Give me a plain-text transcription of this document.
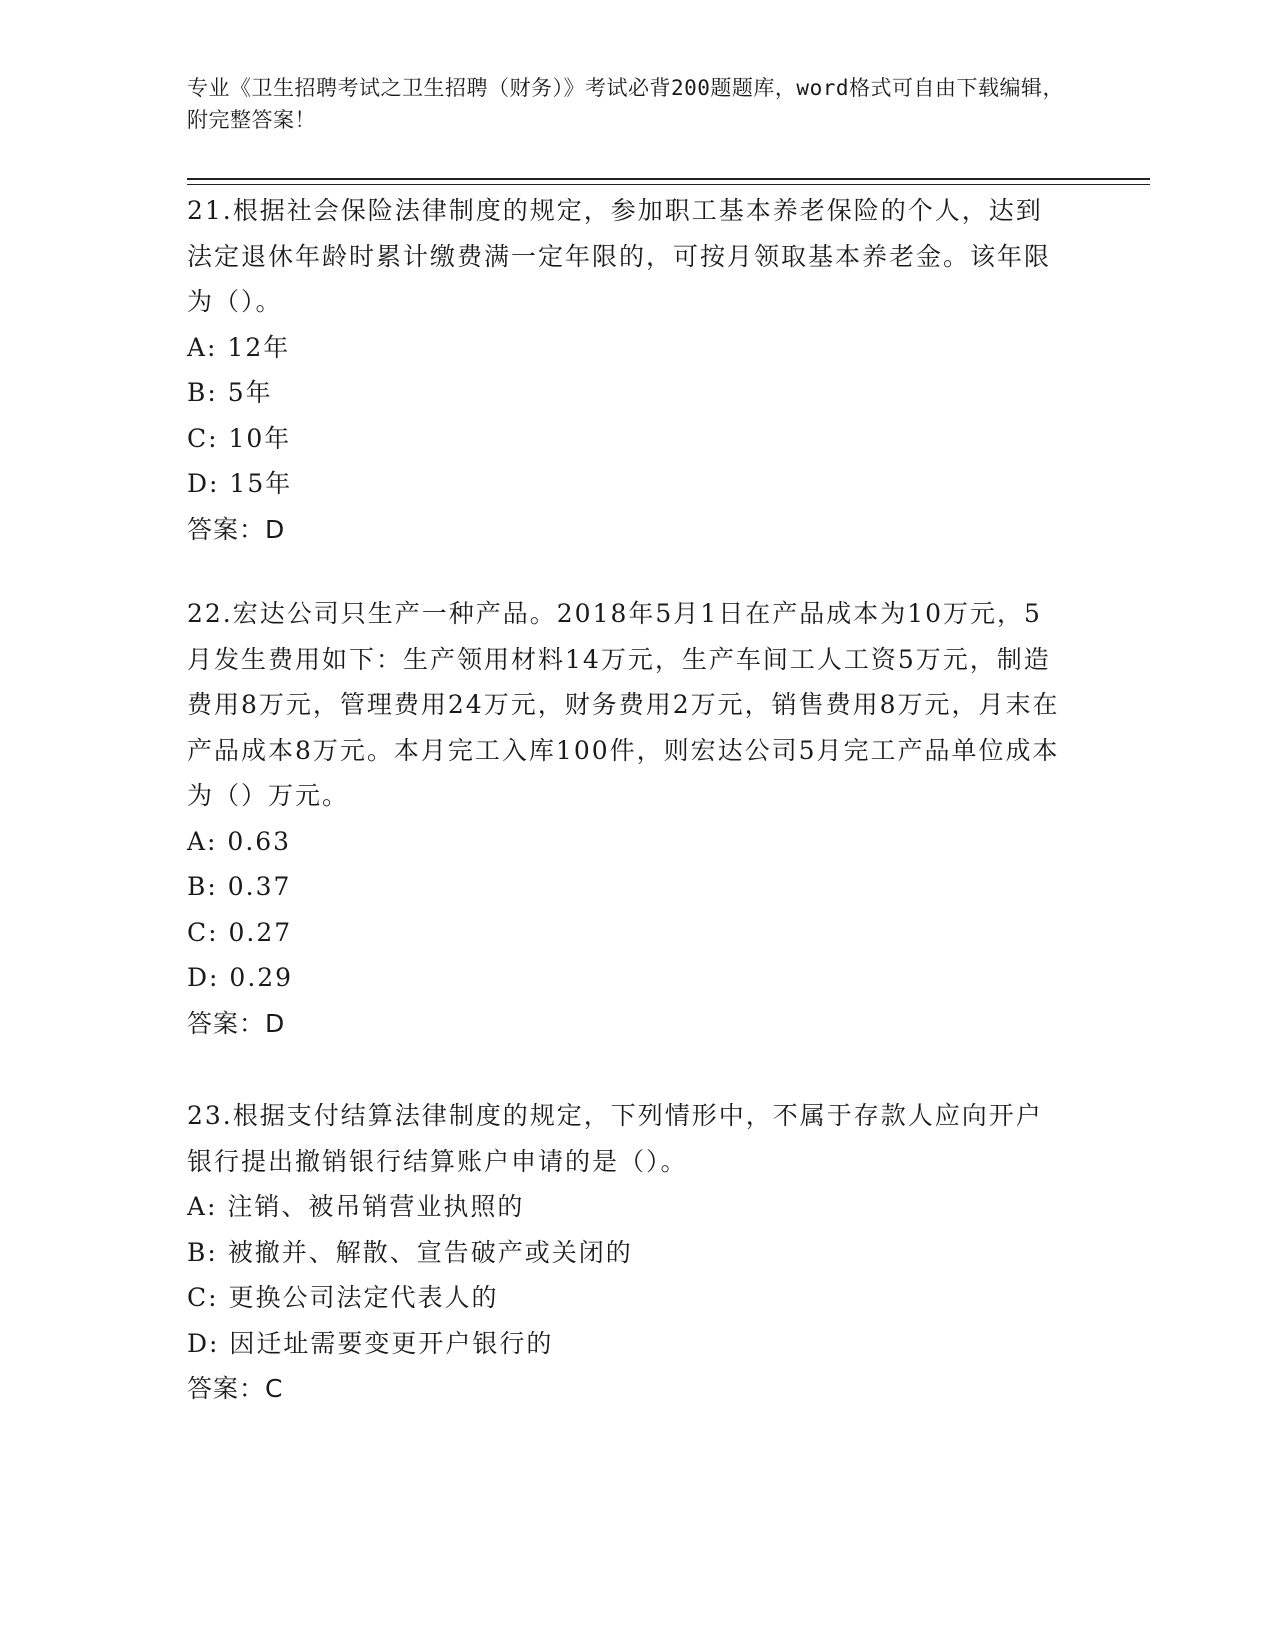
专业《卫生招聘考试之卫生招聘（财务）》考试必背200题题库，word格式可自由下载编辑，附完整答案！
21.根据社会保险法律制度的规定，参加职工基本养老保险的个人，达到法定退休年龄时累计缴费满一定年限的，可按月领取基本养老金。该年限为（）。
A: 12年
B: 5年
C: 10年
D: 15年
答案：D
22.宏达公司只生产一种产品。2018年5月1日在产品成本为10万元，5月发生费用如下：生产领用材料14万元，生产车间工人工资5万元，制造费用8万元，管理费用24万元，财务费用2万元，销售费用8万元，月末在产品成本8万元。本月完工入库100件，则宏达公司5月完工产品单位成本为（）万元。
A: 0.63
B: 0.37
C: 0.27
D: 0.29
答案：D
23.根据支付结算法律制度的规定，下列情形中，不属于存款人应向开户银行提出撤销银行结算账户申请的是（）。
A: 注销、被吊销营业执照的
B: 被撤并、解散、宣告破产或关闭的
C: 更换公司法定代表人的
D: 因迁址需要变更开户银行的
答案：C
